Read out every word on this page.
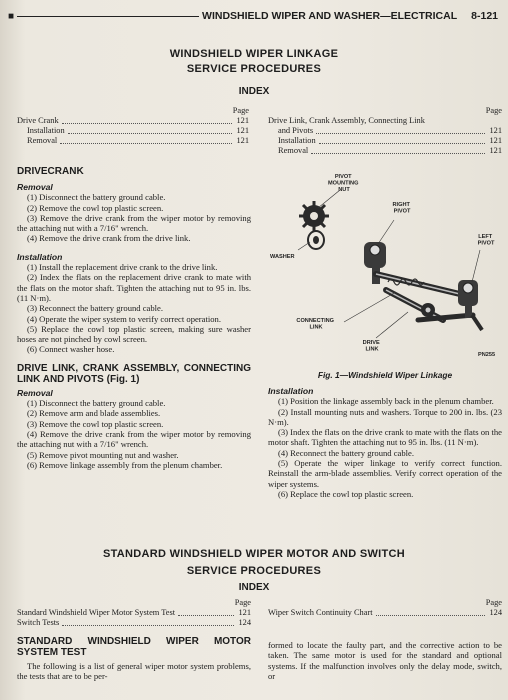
■	WINDSHIELD WIPER AND WASHER—ELECTRICAL 8-121
WINDSHIELD WIPER LINKAGE
SERVICE PROCEDURES
INDEX
Page
Drive Crank	121
Installation	121
Removal	121
Page
Drive Link, Crank Assembly, Connecting Link
and Pivots	121
Installation	121
Removal	121
DRIVECRANK
Removal

(1) Disconnect the battery ground cable.

(2) Remove the cowl top plastic screen.

(3) Remove the drive crank from the wiper motor by removing the attaching nut with a 7/16" wrench.

(4) Remove the drive crank from the drive link.

Installation

(1) Install the replacement drive crank to the drive link.

(2) Index the flats on the replacement drive crank to mate with the flats on the motor shaft. Tighten the attaching nut to 95 in. lbs. (11 N·m).

(3) Reconnect the battery ground cable.

(4) Operate the wiper system to verify correct operation.

(5) Replace the cowl top plastic screen, making sure washer hoses are not pinched by cowl screen.

(6) Connect washer hose.

DRIVE LINK, CRANK ASSEMBLY, CONNECTING LINK AND PIVOTS (Fig. 1)
Removal

(1) Disconnect the battery ground cable.

(2) Remove arm and blade assemblies.

(3) Remove the cowl top plastic screen.

(4) Remove the drive crank from the wiper motor by removing the attaching nut with a 7/16" wrench.

(5) Remove pivot mounting nut and washer.

(6) Remove linkage assembly from the plenum chamber.

PIVOT MOUNTING NUT
RIGHT PIVOT
LEFT PIVOT
WASHER
CONNECTING LINK
DRIVE LINK
PN255
Fig. 1—Windshield Wiper Linkage
Installation

(1) Position the linkage assembly back in the plenum chamber.

(2) Install mounting nuts and washers. Torque to 200 in. lbs. (23 N·m).

(3) Index the flats on the drive crank to mate with the flats on the motor shaft. Tighten the attaching nut to 95 in. lbs. (11 N·m).

(4) Reconnect the battery ground cable.

(5) Operate the wiper linkage to verify correct function. Reinstall the arm-blade assemblies. Verify correct operation of the wiper systems.

(6) Replace the cowl top plastic screen.

STANDARD WINDSHIELD WIPER MOTOR AND SWITCH
SERVICE PROCEDURES
INDEX
Page
Standard Windshield Wiper Motor System Test	121
Switch Tests	124
Page
Wiper Switch Continuity Chart	124
STANDARD WINDSHIELD WIPER MOTOR SYSTEM TEST

The following is a list of general wiper motor system problems, the tests that are to be per-

formed to locate the faulty part, and the corrective action to be taken. The same motor is used for the standard and optional systems. If the malfunction involves only the delay mode, switch, or
